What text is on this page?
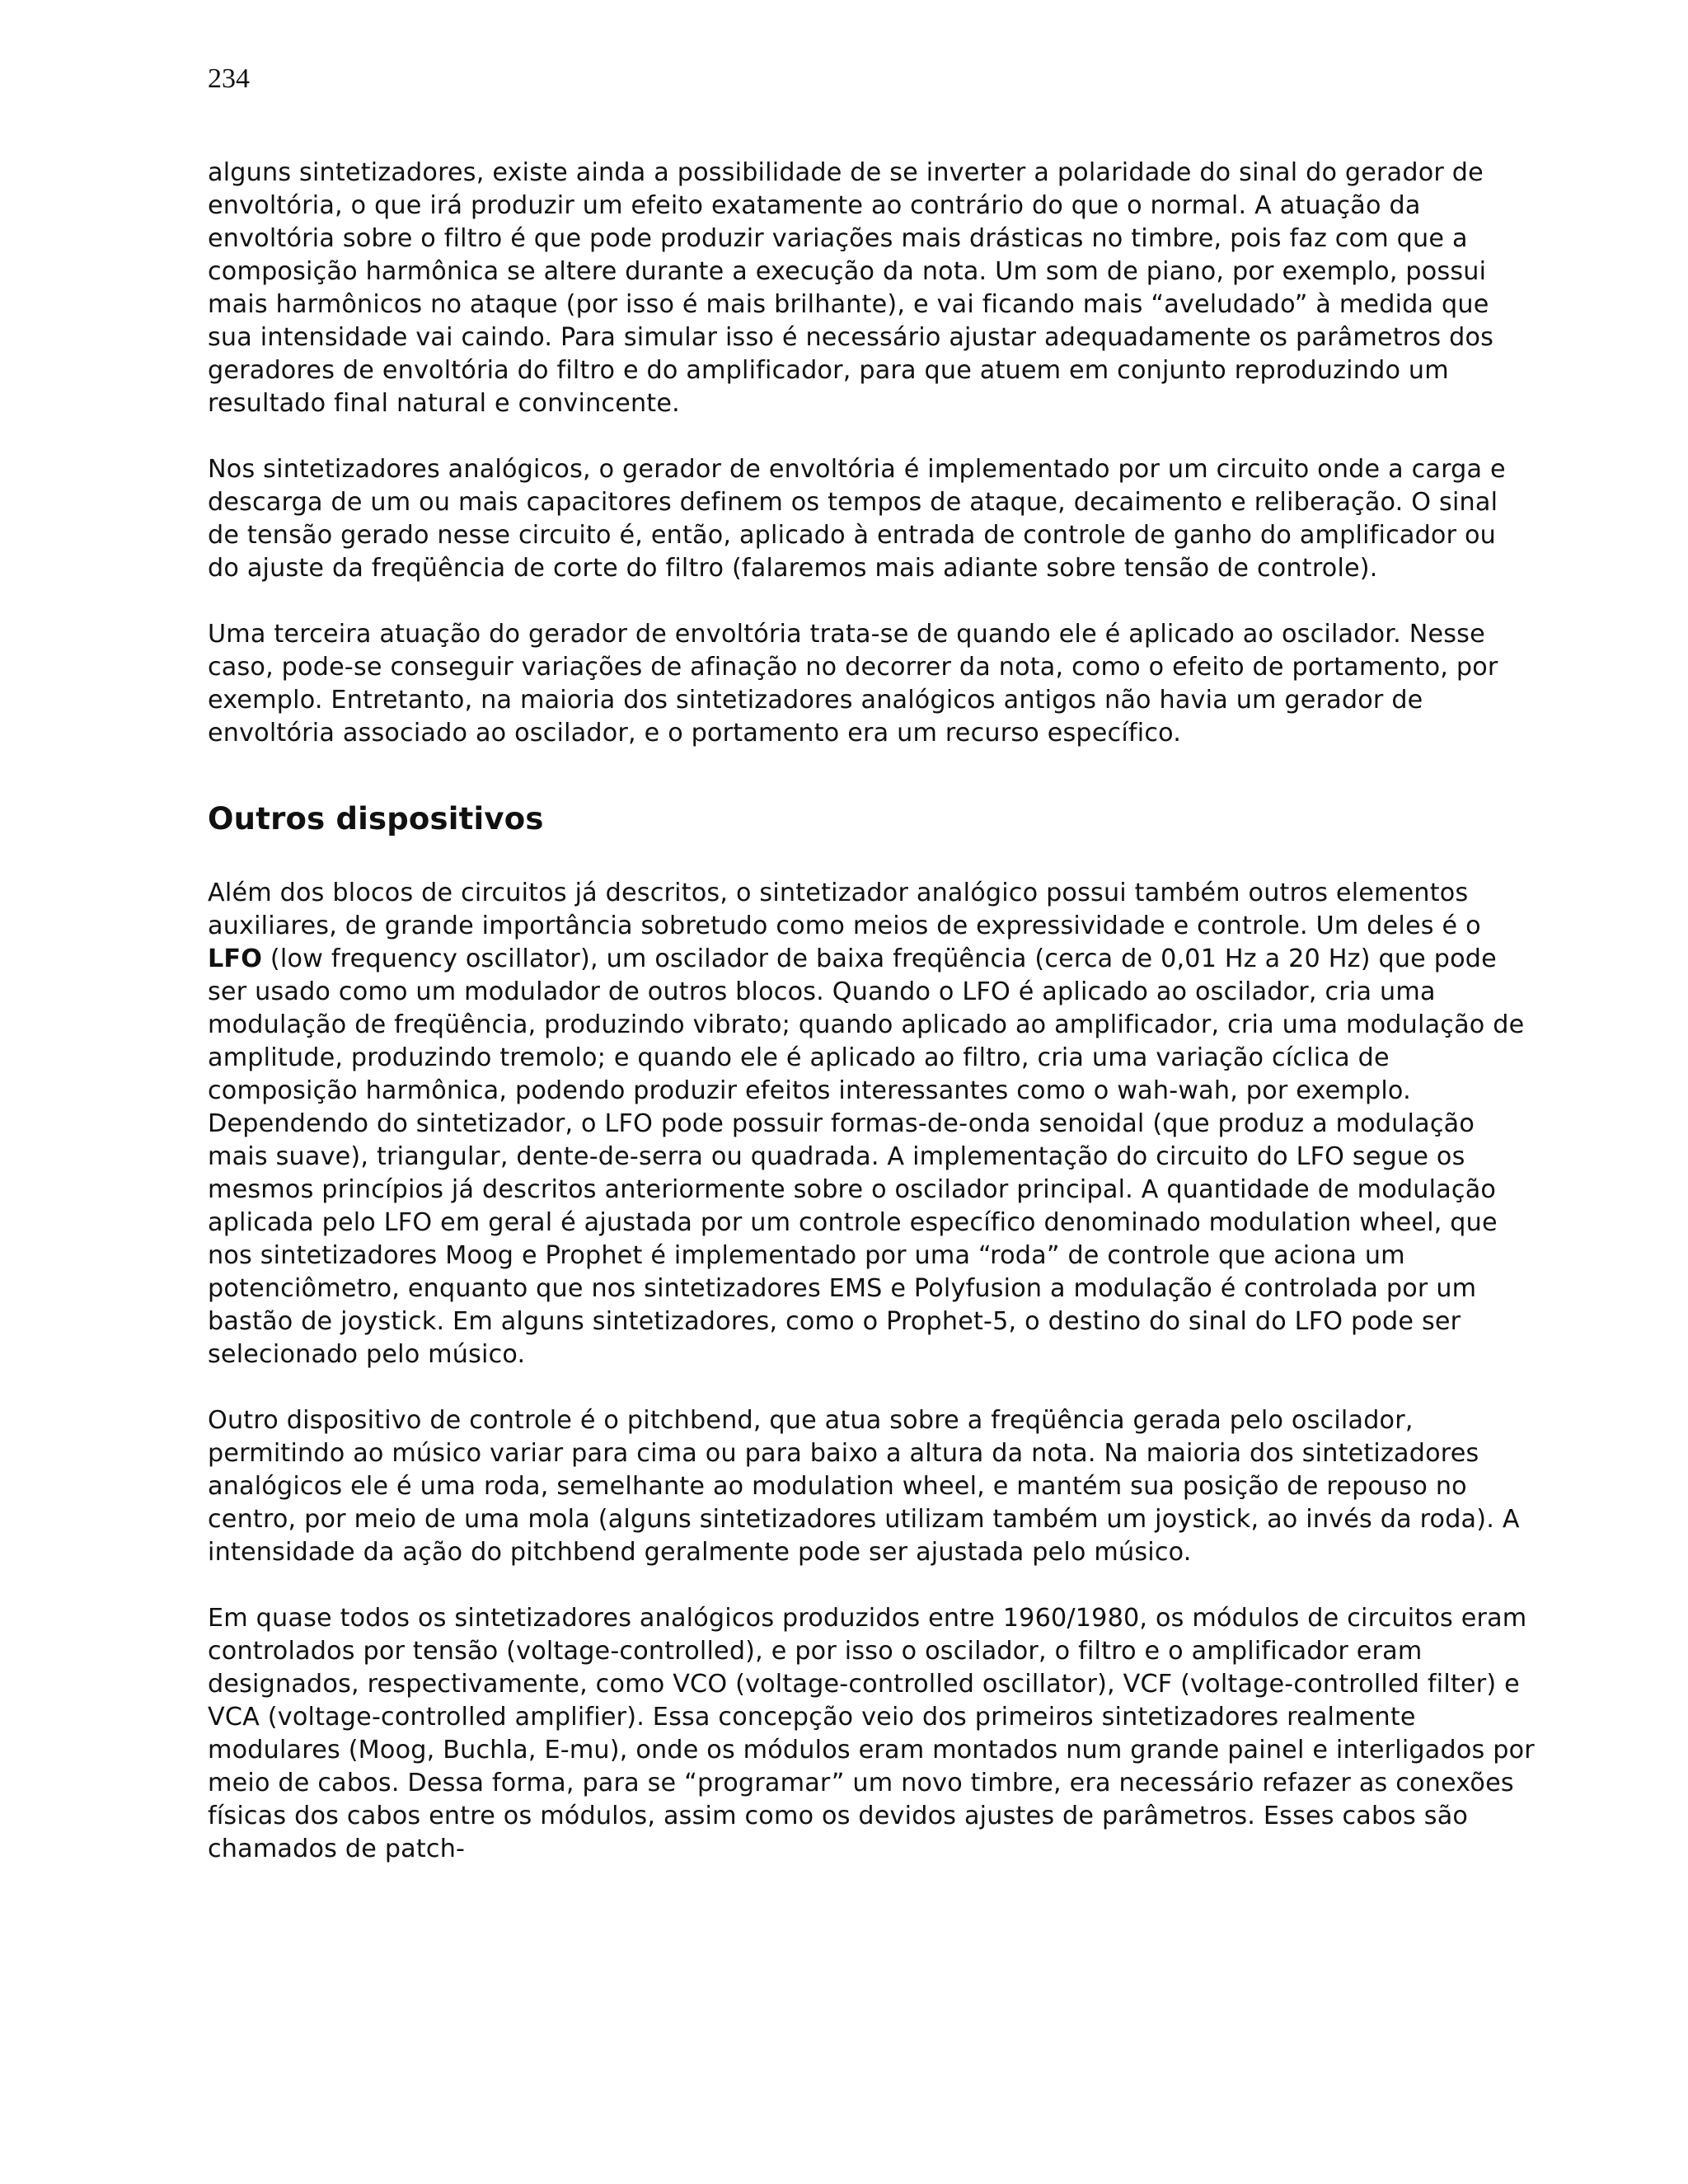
234

alguns sintetizadores, existe ainda a possibilidade de se inverter a polaridade do sinal do gerador de envoltória, o que irá produzir um efeito exatamente ao contrário do que o normal. A atuação da envoltória sobre o filtro é que pode produzir variações mais drásticas no timbre, pois faz com que a composição harmônica se altere durante a execução da nota. Um som de piano, por exemplo, possui mais harmônicos no ataque (por isso é mais brilhante), e vai ficando mais “aveludado” à medida que sua intensidade vai caindo. Para simular isso é necessário ajustar adequadamente os parâmetros dos geradores de envoltória do filtro e do amplificador, para que atuem em conjunto reproduzindo um resultado final natural e convincente.

Nos sintetizadores analógicos, o gerador de envoltória é implementado por um circuito onde a carga e descarga de um ou mais capacitores definem os tempos de ataque, decaimento e reliberação. O sinal de tensão gerado nesse circuito é, então, aplicado à entrada de controle de ganho do amplificador ou do ajuste da freqüência de corte do filtro (falaremos mais adiante sobre tensão de controle).

Uma terceira atuação do gerador de envoltória trata-se de quando ele é aplicado ao oscilador. Nesse caso, pode-se conseguir variações de afinação no decorrer da nota, como o efeito de portamento, por exemplo. Entretanto, na maioria dos sintetizadores analógicos antigos não havia um gerador de envoltória associado ao oscilador, e o portamento era um recurso específico.

Outros dispositivos

Além dos blocos de circuitos já descritos, o sintetizador analógico possui também outros elementos auxiliares, de grande importância sobretudo como meios de expressividade e controle. Um deles é o LFO (low frequency oscillator), um oscilador de baixa freqüência (cerca de 0,01 Hz a 20 Hz) que pode ser usado como um modulador de outros blocos. Quando o LFO é aplicado ao oscilador, cria uma modulação de freqüência, produzindo vibrato; quando aplicado ao amplificador, cria uma modulação de amplitude, produzindo tremolo; e quando ele é aplicado ao filtro, cria uma variação cíclica de composição harmônica, podendo produzir efeitos interessantes como o wah-wah, por exemplo. Dependendo do sintetizador, o LFO pode possuir formas-de-onda senoidal (que produz a modulação mais suave), triangular, dente-de-serra ou quadrada. A implementação do circuito do LFO segue os mesmos princípios já descritos anteriormente sobre o oscilador principal. A quantidade de modulação aplicada pelo LFO em geral é ajustada por um controle específico denominado modulation wheel, que nos sintetizadores Moog e Prophet é implementado por uma “roda” de controle que aciona um potenciômetro, enquanto que nos sintetizadores EMS e Polyfusion a modulação é controlada por um bastão de joystick. Em alguns sintetizadores, como o Prophet-5, o destino do sinal do LFO pode ser selecionado pelo músico.

Outro dispositivo de controle é o pitchbend, que atua sobre a freqüência gerada pelo oscilador, permitindo ao músico variar para cima ou para baixo a altura da nota. Na maioria dos sintetizadores analógicos ele é uma roda, semelhante ao modulation wheel, e mantém sua posição de repouso no centro, por meio de uma mola (alguns sintetizadores utilizam também um joystick, ao invés da roda). A intensidade da ação do pitchbend geralmente pode ser ajustada pelo músico.

Em quase todos os sintetizadores analógicos produzidos entre 1960/1980, os módulos de circuitos eram controlados por tensão (voltage-controlled), e por isso o oscilador, o filtro e o amplificador eram designados, respectivamente, como VCO (voltage-controlled oscillator), VCF (voltage-controlled filter) e VCA (voltage-controlled amplifier). Essa concepção veio dos primeiros sintetizadores realmente modulares (Moog, Buchla, E-mu), onde os módulos eram montados num grande painel e interligados por meio de cabos. Dessa forma, para se “programar” um novo timbre, era necessário refazer as conexões físicas dos cabos entre os módulos, assim como os devidos ajustes de parâmetros. Esses cabos são chamados de patch-
